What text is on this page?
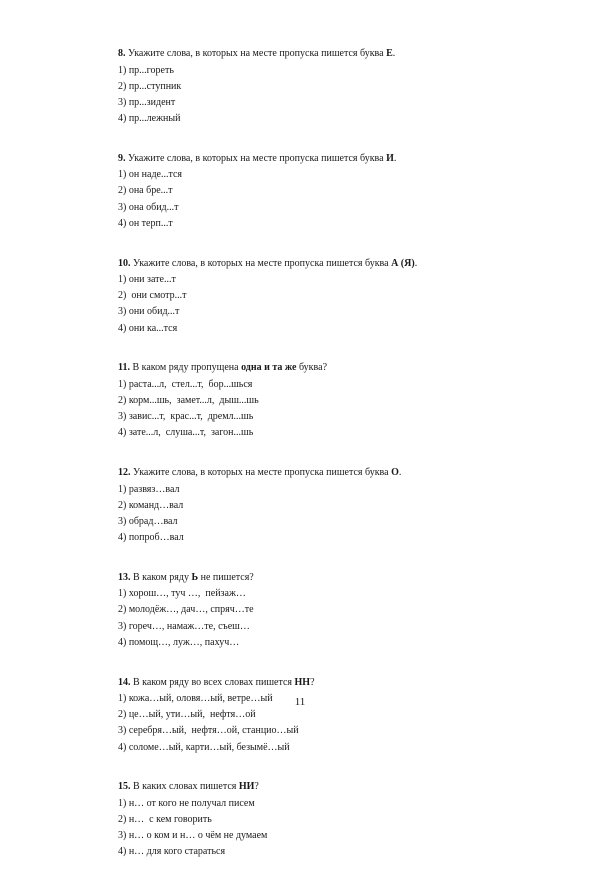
8. Укажите слова, в которых на месте пропуска пишется буква Е.
1) пр...гореть
2) пр...ступник
3) пр...зидент
4) пр...лежный
9. Укажите слова, в которых на месте пропуска пишется буква И.
1) он наде...тся
2) она бре...т
3) она обид...т
4) он терп...т
10. Укажите слова, в которых на месте пропуска пишется буква А (Я).
1) они зате...т
2)  они смотр...т
3) они обид...т
4) они ка...тся
11. В каком ряду пропущена одна и та же буква?
1) раста...л,  стел...т,  бор...шься
2) корм...шь,  замет...л,  дыш...шь
3) завис...т,  крас...т,  дремл...шь
4) зате...л,  слуша...т,  загон...шь
12. Укажите слова, в которых на месте пропуска пишется буква О.
1) развяз…вал
2) команд…вал
3) обрад…вал
4) попроб…вал
13. В каком ряду Ь не пишется?
1) хорош…, туч …,  пейзаж…
2) молодёж…, дач…, спряч…те
3) гореч…, намаж…те, съеш…
4) помощ…, луж…, пахуч…
14. В каком ряду во всех словах пишется НН?
1) кожа…ый, оловя…ый, ветре…ый
2) це…ый, ути…ый,  нефтя…ой
3) серебря…ый,  нефтя…ой, станцио…ый
4) соломе…ый, карти…ый, безымё…ый
15. В каких словах пишется НИ?
1) н… от кого не получал писем
2) н…  с кем говорить
3) н… о ком и н… о чём не думаем
4) н… для кого стараться
11
